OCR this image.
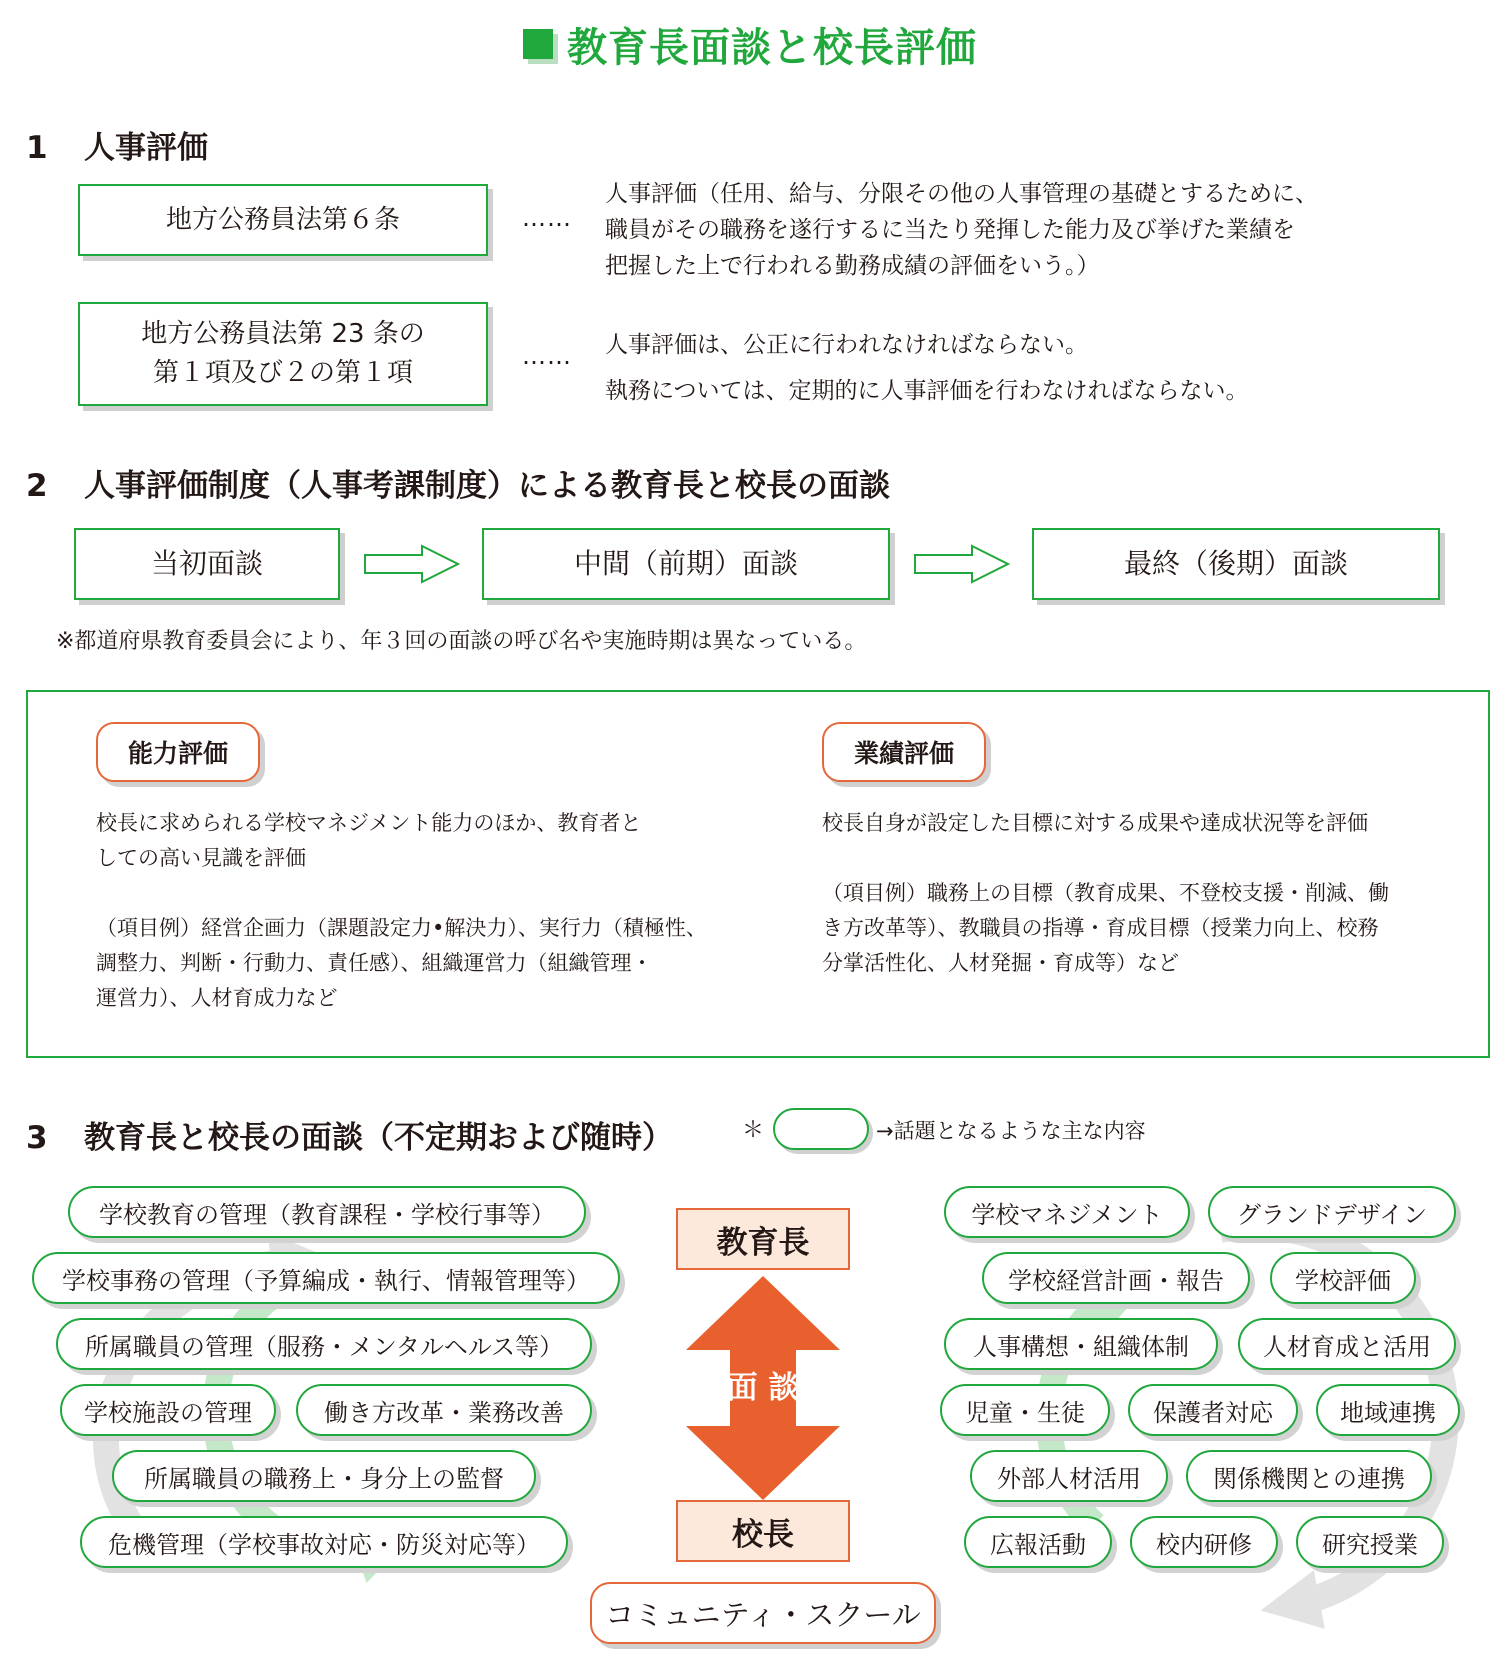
教育長面談と校長評価
1 人事評価
地方公務員法第６条	……
人事評価（任用、給与、分限その他の人事管理の基礎とするために、
職員がその職務を遂行するに当たり発揮した能力及び挙げた業績を
把握した上で行われる勤務成績の評価をいう。）
地方公務員法第 23 条の
第１項及び２の第１項
…… 人事評価は、公正に行われなければならない。
執務については、定期的に人事評価を行わなければならない。
2 人事評価制度（人事考課制度）による教育長と校長の面談
当初面談	中間（前期）面談	最終（後期）面談
※都道府県教育委員会により、年３回の面談の呼び名や実施時期は異なっている。
能力評価

校長に求められる学校マネジメント能力のほか、教育者と

しての高い見識を評価

（項目例）経営企画力（課題設定力•解決力）、実行力（積極性、

調整力、判断・行動力、責任感）、組織運営力（組織管理・

運営力）、人材育成力など

業績評価

校長自身が設定した目標に対する成果や達成状況等を評価

（項目例）職務上の目標（教育成果、不登校支援・削減、働

き方改革等）、教職員の指導・育成目標（授業力向上、校務

分掌活性化、人材発掘・育成等）など

3 教育長と校長の面談（不定期および随時）	＊	→話題となるような主な内容
学校教育の管理（教育課程・学校行事等）
学校事務の管理（予算編成・執行、情報管理等）
所属職員の管理（服務・メンタルヘルス等）
学校施設の管理	働き方改革・業務改善
所属職員の職務上・身分上の監督
危機管理（学校事故対応・防災対応等）
教育長
面 談
校長
コミュニティ・スクール
学校マネジメント	グランドデザイン
学校経営計画・報告	学校評価
人事構想・組織体制	人材育成と活用
児童・生徒	保護者対応	地域連携
外部人材活用	関係機関との連携
広報活動	校内研修	研究授業
